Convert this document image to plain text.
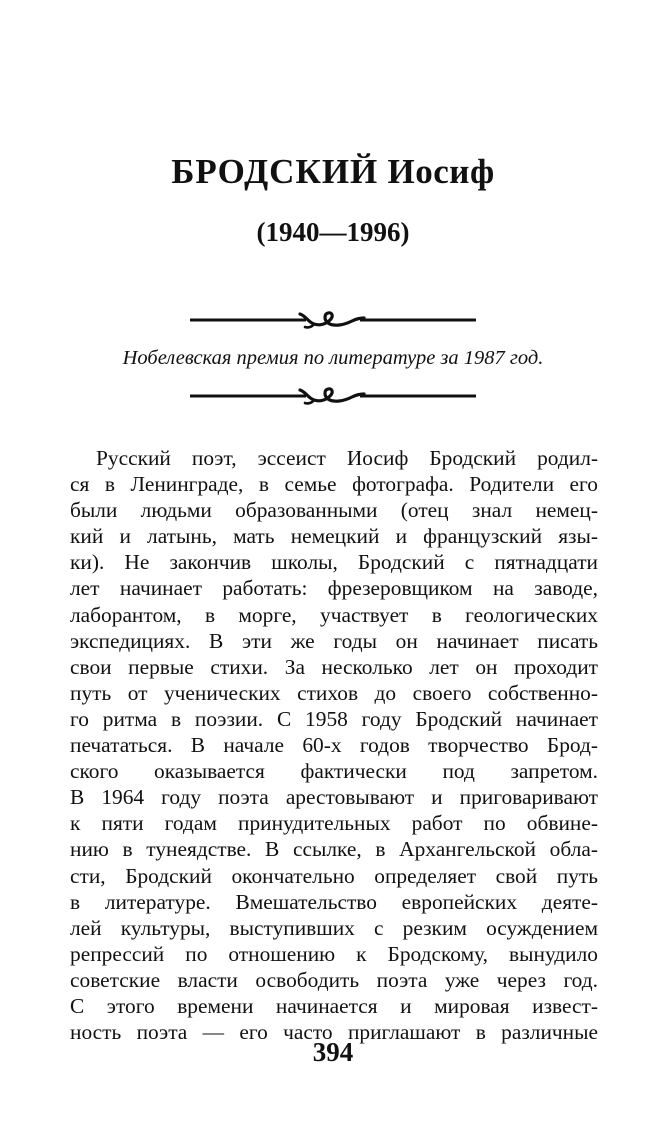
БРОДСКИЙ Иосиф
(1940—1996)
Нобелевская премия по литературе за 1987 год.
Русский поэт, эссеист Иосиф Бродский родил-
ся в Ленинграде, в семье фотографа. Родители его
были людьми образованными (отец знал немец-
кий и латынь, мать немецкий и французский язы-
ки). Не закончив школы, Бродский с пятнадцати
лет начинает работать: фрезеровщиком на заводе,
лаборантом, в морге, участвует в геологических
экспедициях. В эти же годы он начинает писать
свои первые стихи. За несколько лет он проходит
путь от ученических стихов до своего собственно-
го ритма в поэзии. С 1958 году Бродский начинает
печататься. В начале 60-х годов творчество Брод-
ского оказывается фактически под запретом.
В 1964 году поэта арестовывают и приговаривают
к пяти годам принудительных работ по обвине-
нию в тунеядстве. В ссылке, в Архангельской обла-
сти, Бродский окончательно определяет свой путь
в литературе. Вмешательство европейских деяте-
лей культуры, выступивших с резким осуждением
репрессий по отношению к Бродскому, вынудило
советские власти освободить поэта уже через год.
С этого времени начинается и мировая извест-
ность поэта — его часто приглашают в различные
394
